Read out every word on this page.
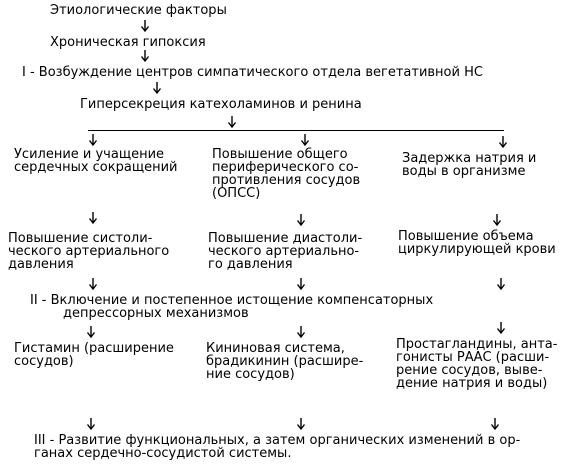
Этиологические факторы

Хроническая гипоксия

I - Возбуждение центров симпатического отдела вегетативной НС

Гиперсекреция катехоламинов и ренина

Усиление и учащение
сердечных сокращений

Повышение общего
периферического со-
противления сосудов
(ОПСС)

Задержка натрия и
воды в организме

Повышение систоли-
ческого артериального
давления

Повышение диастоли-
ческого артериально-
го давления

Повышение объема
циркулирующей крови

II - Включение и постепенное истощение компенсаторных
депрессорных механизмов

Гистамин (расширение
сосудов)

Кининовая система,
брадикинин (расшире-
ние сосудов)

Простагландины, анта-
гонисты РААС (расши-
рение сосудов, выве-
дение натрия и воды)

III - Развитие функциональных, а затем органических изменений в ор-
ганах сердечно-сосудистой системы.
